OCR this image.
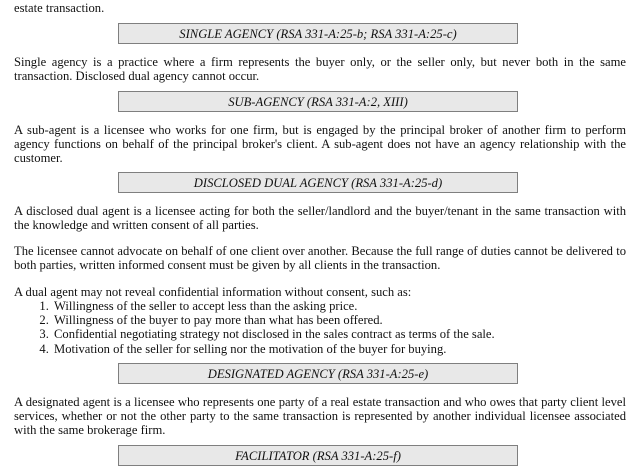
estate transaction.

SINGLE AGENCY (RSA 331-A:25-b; RSA 331-A:25-c)

Single agency is a practice where a firm represents the buyer only, or the seller only, but never both in the same transaction. Disclosed dual agency cannot occur.

SUB-AGENCY (RSA 331-A:2, XIII)

A sub-agent is a licensee who works for one firm, but is engaged by the principal broker of another firm to perform agency functions on behalf of the principal broker's client. A sub-agent does not have an agency relationship with the customer.

DISCLOSED DUAL AGENCY (RSA 331-A:25-d)

A disclosed dual agent is a licensee acting for both the seller/landlord and the buyer/tenant in the same transaction with the knowledge and written consent of all parties.

The licensee cannot advocate on behalf of one client over another. Because the full range of duties cannot be delivered to both parties, written informed consent must be given by all clients in the transaction.

A dual agent may not reveal confidential information without consent, such as:

1. Willingness of the seller to accept less than the asking price.
2. Willingness of the buyer to pay more than what has been offered.
3. Confidential negotiating strategy not disclosed in the sales contract as terms of the sale.
4. Motivation of the seller for selling nor the motivation of the buyer for buying.
DESIGNATED AGENCY (RSA 331-A:25-e)

A designated agent is a licensee who represents one party of a real estate transaction and who owes that party client level services, whether or not the other party to the same transaction is represented by another individual licensee associated with the same brokerage firm.

FACILITATOR (RSA 331-A:25-f)
